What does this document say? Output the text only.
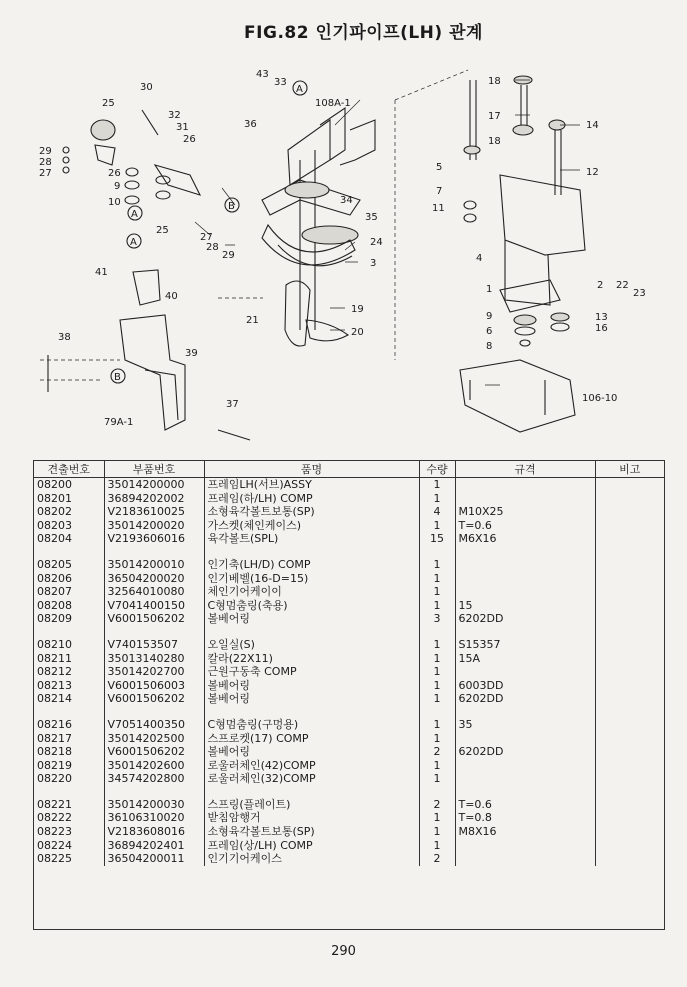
FIG.82 인기파이프(LH) 관계
43
33
36
108A-1
30
25
32
31
26
29
28
27	26
9
10
25
34
35
24
3
27
28
29
41
40
19
21
20
38
39
37
79A-1
18
17
14
18
5	12
7
11
4
1	2 22
23
9
6
8
13
16
106-10
A
A
A
B
B
견출번호	부품번호	품명	수량	규격	비고
08200	35014200000	프레임LH(서브)ASSY	1		
08201	36894202002	프레임(하/LH) COMP	1		
08202	V2183610025	소형육각볼트보통(SP)	4	M10X25	
08203	35014200020	가스켓(체인케이스)	1	T=0.6	
08204	V2193606016	육각볼트(SPL)	15	M6X16	

08205	35014200010	인기축(LH/D) COMP	1		
08206	36504200020	인기베벨(16-D=15)	1		
08207	32564010080	체인기어케이이	1		
08208	V7041400150	C형멈춤링(축용)	1	15	
08209	V6001506202	볼베어링	3	6202DD	

08210	V740153507	오일실(S)	1	S15357	
08211	35013140280	칼라(22X11)	1	15A	
08212	35014202700	근원구동축 COMP	1		
08213	V6001506003	볼베어링	1	6003DD	
08214	V6001506202	볼베어링	1	6202DD	

08216	V7051400350	C형멈춤링(구멍용)	1	35	
08217	35014202500	스프로켓(17) COMP	1		
08218	V6001506202	볼베어링	2	6202DD	
08219	35014202600	로울러체인(42)COMP	1		
08220	34574202800	로울러체인(32)COMP	1		

08221	35014200030	스프링(플레이트)	2	T=0.6	
08222	36106310020	받침암행거	1	T=0.8	
08223	V2183608016	소형육각볼트보통(SP)	1	M8X16	
08224	36894202401	프레임(상/LH) COMP	1		
08225	36504200011	인기기어케이스	2		
290
